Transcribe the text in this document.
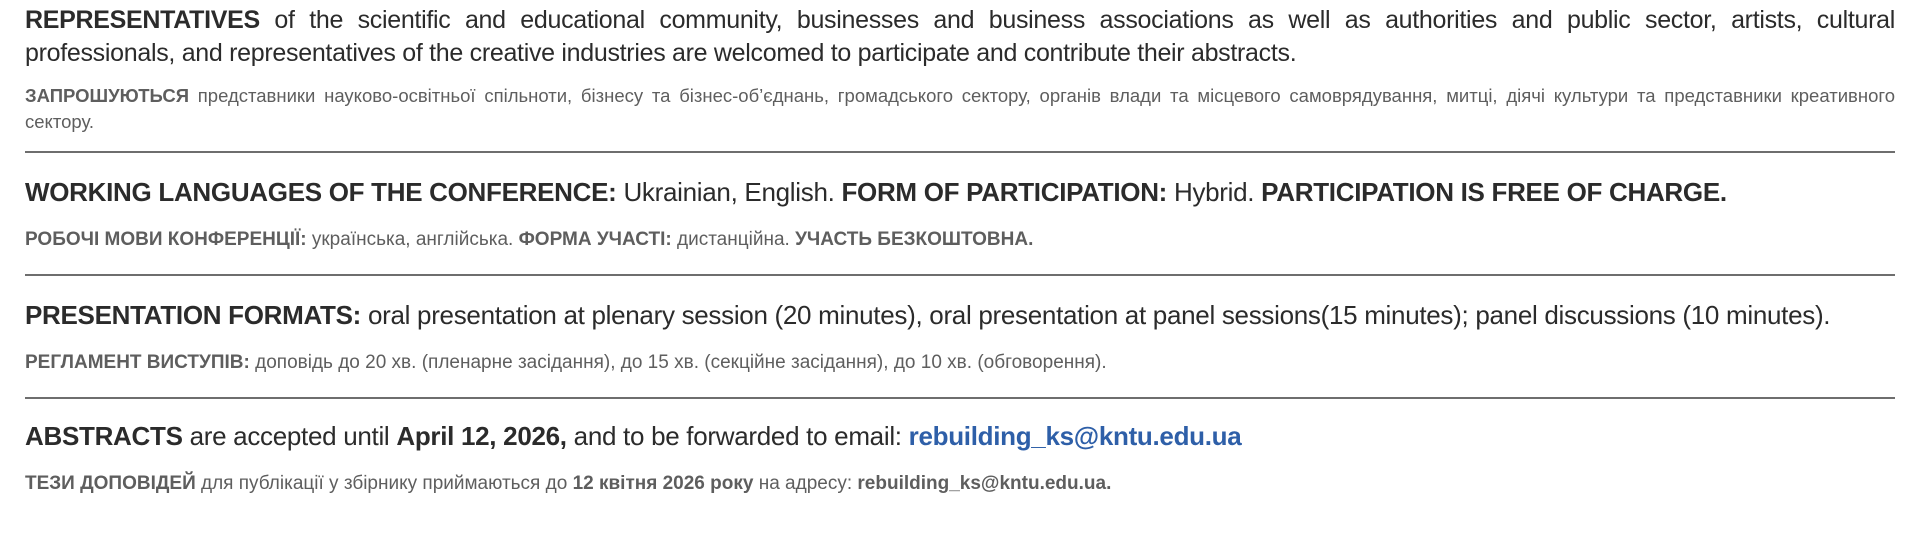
REPRESENTATIVES of the scientific and educational community, businesses and business associations as well as authorities and public sector, artists, cultural professionals, and representatives of the creative industries are welcomed to participate and contribute their abstracts.
ЗАПРОШУЮТЬСЯ представники науково-освітньої спільноти, бізнесу та бізнес-об’єднань, громадського сектору, органів влади та місцевого самоврядування, митці, діячі культури та представники креативного сектору.
WORKING LANGUAGES OF THE CONFERENCE: Ukrainian, English. FORM OF PARTICIPATION: Hybrid. PARTICIPATION IS FREE OF CHARGE.
РОБОЧІ МОВИ КОНФЕРЕНЦІЇ: українська, англійська. ФОРМА УЧАСТІ: дистанційна. УЧАСТЬ БЕЗКОШТОВНА.
PRESENTATION FORMATS: oral presentation at plenary session (20 minutes), oral presentation at panel sessions(15 minutes); panel discussions (10 minutes).
РЕГЛАМЕНТ ВИСТУПІВ: доповідь до 20 хв. (пленарне засідання), до 15 хв. (секційне засідання), до 10 хв. (обговорення).
ABSTRACTS are accepted until April 12, 2026, and to be forwarded to email: rebuilding_ks@kntu.edu.ua
ТЕЗИ ДОПОВІДЕЙ для публікації у збірнику приймаються до 12 квітня 2026 року на адресу: rebuilding_ks@kntu.edu.ua.
